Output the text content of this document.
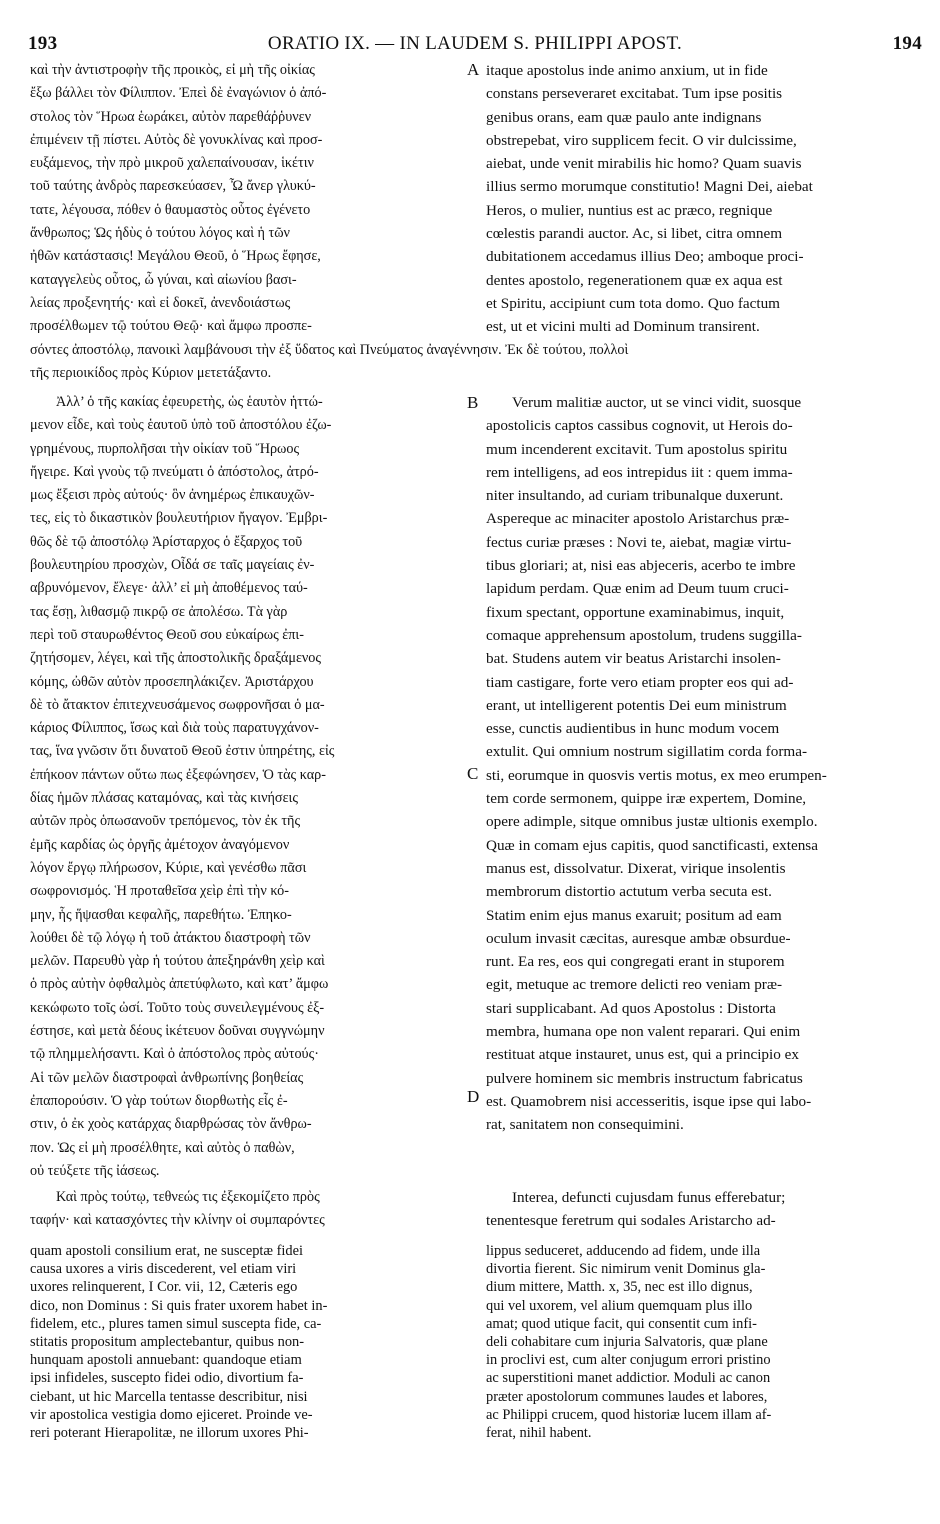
193	ORATIO IX. — IN LAUDEM S. PHILIPPI APOST.	194
καὶ τὴν ἀντιστροφὴν τῆς προικὸς, εἰ μὴ τῆς οἰκίας
ἔξω βάλλει τὸν Φίλιππον. Ἐπεὶ δὲ ἐναγώνιον ὁ ἀπό-
στολος τὸν Ἥρωα ἑωράκει, αὐτὸν παρεθάῤῥυνεν
ἐπιμένειν τῇ πίστει. Αὐτὸς δὲ γονυκλίνας καὶ προσ-
ευξάμενος, τὴν πρὸ μικροῦ χαλεπαίνουσαν, ἱκέτιν
τοῦ ταύτης ἀνδρὸς παρεσκεύασεν, Ὦ ἄνερ γλυκύ-
τατε, λέγουσα, πόθεν ὁ θαυμαστὸς οὗτος ἐγένετο
ἄνθρωπος; Ὡς ἡδὺς ὁ τούτου λόγος καὶ ἡ τῶν
ἠθῶν κατάστασις! Μεγάλου Θεοῦ, ὁ Ἥρως ἔφησε,
καταγγελεὺς οὗτος, ὦ γύναι, καὶ αἰωνίου βασι-
λείας προξενητής· καὶ εἰ δοκεῖ, ἀνενδοιάστως
προσέλθωμεν τῷ τούτου Θεῷ· καὶ ἄμφω προσπε-
A itaque apostolus inde animo anxium, ut in fide
constans perseveraret excitabat. Tum ipse positis
genibus orans, eam quæ paulo ante indignans
obstrepebat, viro supplicem fecit. O vir dulcissime,
aiebat, unde venit mirabilis hic homo? Quam suavis
illius sermo morumque constitutio! Magni Dei, aiebat
Heros, o mulier, nuntius est ac præco, regnique
cœlestis parandi auctor. Ac, si libet, citra omnem
dubitationem accedamus illius Deo; amboque proci-
dentes apostolo, regenerationem quæ ex aqua est
et Spiritu, accipiunt cum tota domo. Quo factum
est, ut et vicini multi ad Dominum transirent.
σόντες ἀποστόλῳ, πανοικὶ λαμβάνουσι τὴν ἐξ ὕδατος καὶ Πνεύματος ἀναγέννησιν. Ἐκ δὲ τούτου, πολλοὶ
τῆς περιοικίδος πρὸς Κύριον μετετάξαντο.
Ἀλλ’ ὁ τῆς κακίας ἐφευρετὴς, ὡς ἑαυτὸν ἡττώ-
μενον εἶδε, καὶ τοὺς ἑαυτοῦ ὑπὸ τοῦ ἀποστόλου ἐζω-
γρημένους, πυρπολῆσαι τὴν οἰκίαν τοῦ Ἥρωος
ἤγειρε. Καὶ γνοὺς τῷ πνεύματι ὁ ἀπόστολος, ἀτρό-
μως ἔξεισι πρὸς αὐτούς· ὃν ἀνημέρως ἐπικαυχῶν-
τες, εἰς τὸ δικαστικὸν βουλευτήριον ἤγαγον. Ἐμβρι-
θῶς δὲ τῷ ἀποστόλῳ Ἀρίσταρχος ὁ ἔξαρχος τοῦ
βουλευτηρίου προσχὼν, Οἶδά σε ταῖς μαγείαις ἐν-
αβρυνόμενον, ἔλεγε· ἀλλ’ εἰ μὴ ἀποθέμενος ταύ-
τας ἔσῃ, λιθασμῷ πικρῷ σε ἀπολέσω. Τὰ γὰρ
περὶ τοῦ σταυρωθέντος Θεοῦ σου εὐκαίρως ἐπι-
ζητήσομεν, λέγει, καὶ τῆς ἀποστολικῆς δραξάμενος
κόμης, ὠθῶν αὐτὸν προσεπηλάκιζεν. Ἀριστάρχου
δὲ τὸ ἄτακτον ἐπιτεχνευσάμενος σωφρονῆσαι ὁ μα-
κάριος Φίλιππος, ἴσως καὶ διὰ τοὺς παρατυγχάνον-
τας, ἵνα γνῶσιν ὅτι δυνατοῦ Θεοῦ ἐστιν ὑπηρέτης, εἰς
ἐπήκοον πάντων οὕτω πως ἐξεφώνησεν, Ὁ τὰς καρ-
δίας ἡμῶν πλάσας καταμόνας, καὶ τὰς κινήσεις
αὐτῶν πρὸς ὁπωσανοῦν τρεπόμενος, τὸν ἐκ τῆς
ἐμῆς καρδίας ὡς ὀργῆς ἀμέτοχον ἀναγόμενον
λόγον ἔργῳ πλήρωσον, Κύριε, καὶ γενέσθω πᾶσι
σωφρονισμός. Ἡ προταθεῖσα χεὶρ ἐπὶ τὴν κό-
μην, ἧς ἥψασθαι κεφαλῆς, παρεθήτω. Ἐπηκο-
λούθει δὲ τῷ λόγῳ ἡ τοῦ ἀτάκτου διαστροφὴ τῶν
μελῶν. Παρευθὺ γὰρ ἡ τούτου ἀπεξηράνθη χεὶρ καὶ
ὁ πρὸς αὐτὴν ὀφθαλμὸς ἀπετύφλωτο, καὶ κατ’ ἄμφω
κεκώφωτο τοῖς ὠσί. Τοῦτο τοὺς συνειλεγμένους ἐξ-
έστησε, καὶ μετὰ δέους ἱκέτευον δοῦναι συγγνώμην
τῷ πλημμελήσαντι. Καὶ ὁ ἀπόστολος πρὸς αὐτούς·
Αἱ τῶν μελῶν διαστροφαὶ ἀνθρωπίνης βοηθείας
ἐπαπορούσιν. Ὁ γὰρ τούτων διορθωτὴς εἷς ἐ-
στιν, ὁ ἐκ χοὸς κατάρχας διαρθρώσας τὸν ἄνθρω-
πον. Ὡς εἰ μὴ προσέλθητε, καὶ αὐτὸς ὁ παθὼν,
οὐ τεύξετε τῆς ἰάσεως.
B
C
D
Verum malitiæ auctor, ut se vinci vidit, suosque
apostolicis captos cassibus cognovit, ut Herois do-
mum incenderent excitavit. Tum apostolus spiritu
rem intelligens, ad eos intrepidus iit : quem imma-
niter insultando, ad curiam tribunalque duxerunt.
Aspereque ac minaciter apostolo Aristarchus præ-
fectus curiæ præses : Novi te, aiebat, magiæ virtu-
tibus gloriari; at, nisi eas abjeceris, acerbo te imbre
lapidum perdam. Quæ enim ad Deum tuum cruci-
fixum spectant, opportune examinabimus, inquit,
comaque apprehensum apostolum, trudens suggilla-
bat. Studens autem vir beatus Aristarchi insolen-
tiam castigare, forte vero etiam propter eos qui ad-
erant, ut intelligerent potentis Dei eum ministrum
esse, cunctis audientibus in hunc modum vocem
extulit. Qui omnium nostrum sigillatim corda forma-
sti, eorumque in quosvis vertis motus, ex meo erumpen-
tem corde sermonem, quippe iræ expertem, Domine,
opere adimple, sitque omnibus justæ ultionis exemplo.
Quæ in comam ejus capitis, quod sanctificasti, extensa
manus est, dissolvatur. Dixerat, virique insolentis
membrorum distortio actutum verba secuta est.
Statim enim ejus manus exaruit; positum ad eam
oculum invasit cæcitas, auresque ambæ obsurdue-
runt. Ea res, eos qui congregati erant in stuporem
egit, metuque ac tremore delicti reo veniam præ-
stari supplicabant. Ad quos Apostolus : Distorta
membra, humana ope non valent reparari. Qui enim
restituat atque instauret, unus est, qui a principio ex
pulvere hominem sic membris instructum fabricatus
est. Quamobrem nisi accesseritis, isque ipse qui labo-
rat, sanitatem non consequimini.
Καὶ πρὸς τούτῳ, τεθνεώς τις ἐξεκομίζετο πρὸς
ταφήν· καὶ κατασχόντες τὴν κλίνην οἱ συμπαρόντες
Interea, defuncti cujusdam funus efferebatur;
tenentesque feretrum qui sodales Aristarcho ad-
quam apostoli consilium erat, ne susceptæ fidei
causa uxores a viris discederent, vel etiam viri
uxores relinquerent, I Cor. vii, 12, Cæteris ego
dico, non Dominus : Si quis frater uxorem habet in-
fidelem, etc., plures tamen simul suscepta fide, ca-
stitatis propositum amplectebantur, quibus non-
hunquam apostoli annuebant: quandoque etiam
ipsi infideles, suscepto fidei odio, divortium fa-
ciebant, ut hic Marcella tentasse describitur, nisi
vir apostolica vestigia domo ejiceret. Proinde ve-
reri poterant Hierapolitæ, ne illorum uxores Phi-
lippus seduceret, adducendo ad fidem, unde illa
divortia fierent. Sic nimirum venit Dominus gla-
dium mittere, Matth. x, 35, nec est illo dignus,
qui vel uxorem, vel alium quemquam plus illo
amat; quod utique facit, qui consentit cum infi-
deli cohabitare cum injuria Salvatoris, quæ plane
in proclivi est, cum alter conjugum errori pristino
ac superstitioni manet addictior. Moduli ac canon
præter apostolorum communes laudes et labores,
ac Philippi crucem, quod historiæ lucem illam af-
ferat, nihil habent.
